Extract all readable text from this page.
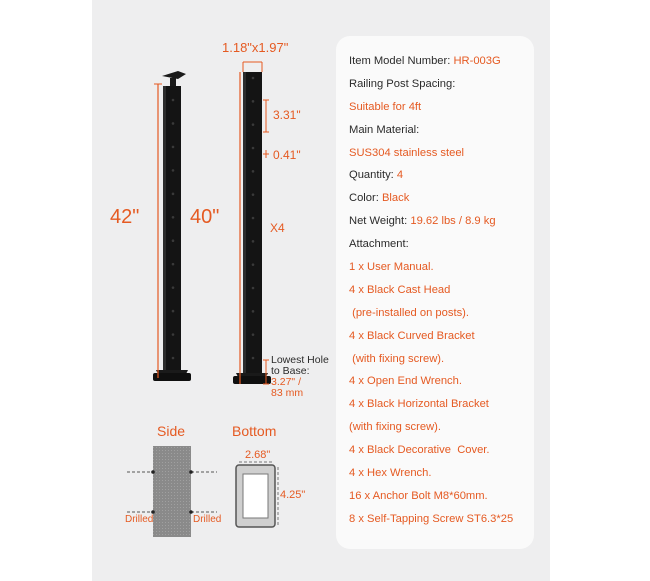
1.18"x1.97"
42"	40"
3.31"
0.41"
X4
Lowest Hole
to Base:
3.27" /
83 mm
Side	Bottom
Drilled	Drilled
2.68"
4.25"
Item Model Number: HR-003G
Railing Post Spacing:
Suitable for 4ft
Main Material:
SUS304 stainless steel
Quantity: 4
Color: Black
Net Weight: 19.62 lbs / 8.9 kg
Attachment:
1 x User Manual.
4 x Black Cast Head
(pre-installed on posts).
4 x Black Curved Bracket
(with fixing screw).
4 x Open End Wrench.
4 x Black Horizontal Bracket
(with fixing screw).
4 x Black Decorative  Cover.
4 x Hex Wrench.
16 x Anchor Bolt M8*60mm.
8 x Self-Tapping Screw ST6.3*25
